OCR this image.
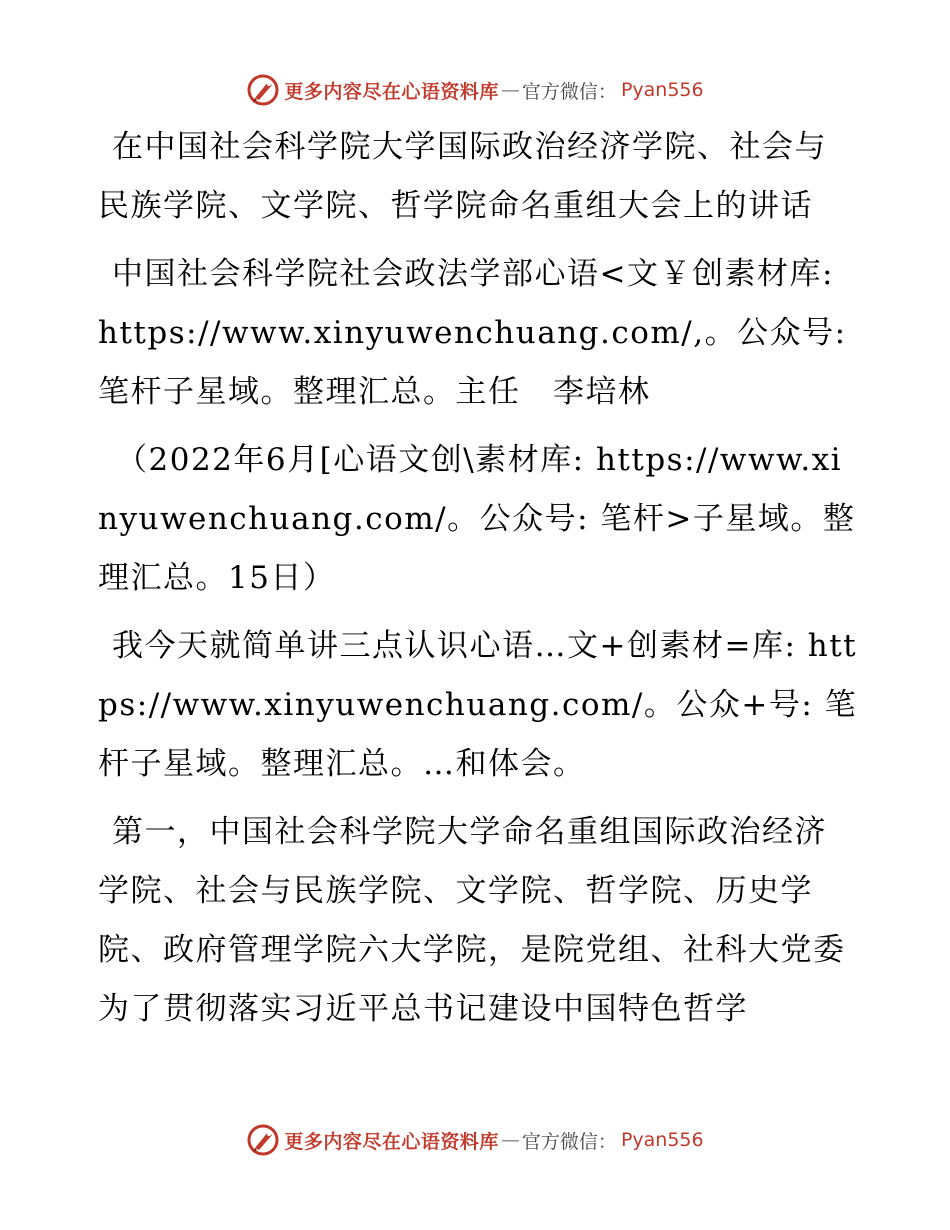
更多内容尽在心语资料库 — 官方微信： Pyan556

在中国社会科学院大学国际政治经济学院、社会与民族学院、文学院、哲学院命名重组大会上的讲话

中国社会科学院社会政法学部心语<文￥创素材库: https://www.xinyuwenchuang.com/,。公众号: 笔杆子星域。整理汇总。主任　李培林

（2022年6月[心语文创\素材库: https://www.xinyuwenchuang.com/。公众号: 笔杆>子星域。整理汇总。15日）

我今天就简单讲三点认识心语…文+创素材=库: https://www.xinyuwenchuang.com/。公众+号: 笔杆子星域。整理汇总。…和体会。

第一，中国社会科学院大学命名重组国际政治经济学院、社会与民族学院、文学院、哲学院、历史学院、政府管理学院六大学院，是院党组、社科大党委为了贯彻落实习近平总书记建设中国特色哲学

更多内容尽在心语资料库 — 官方微信： Pyan556
